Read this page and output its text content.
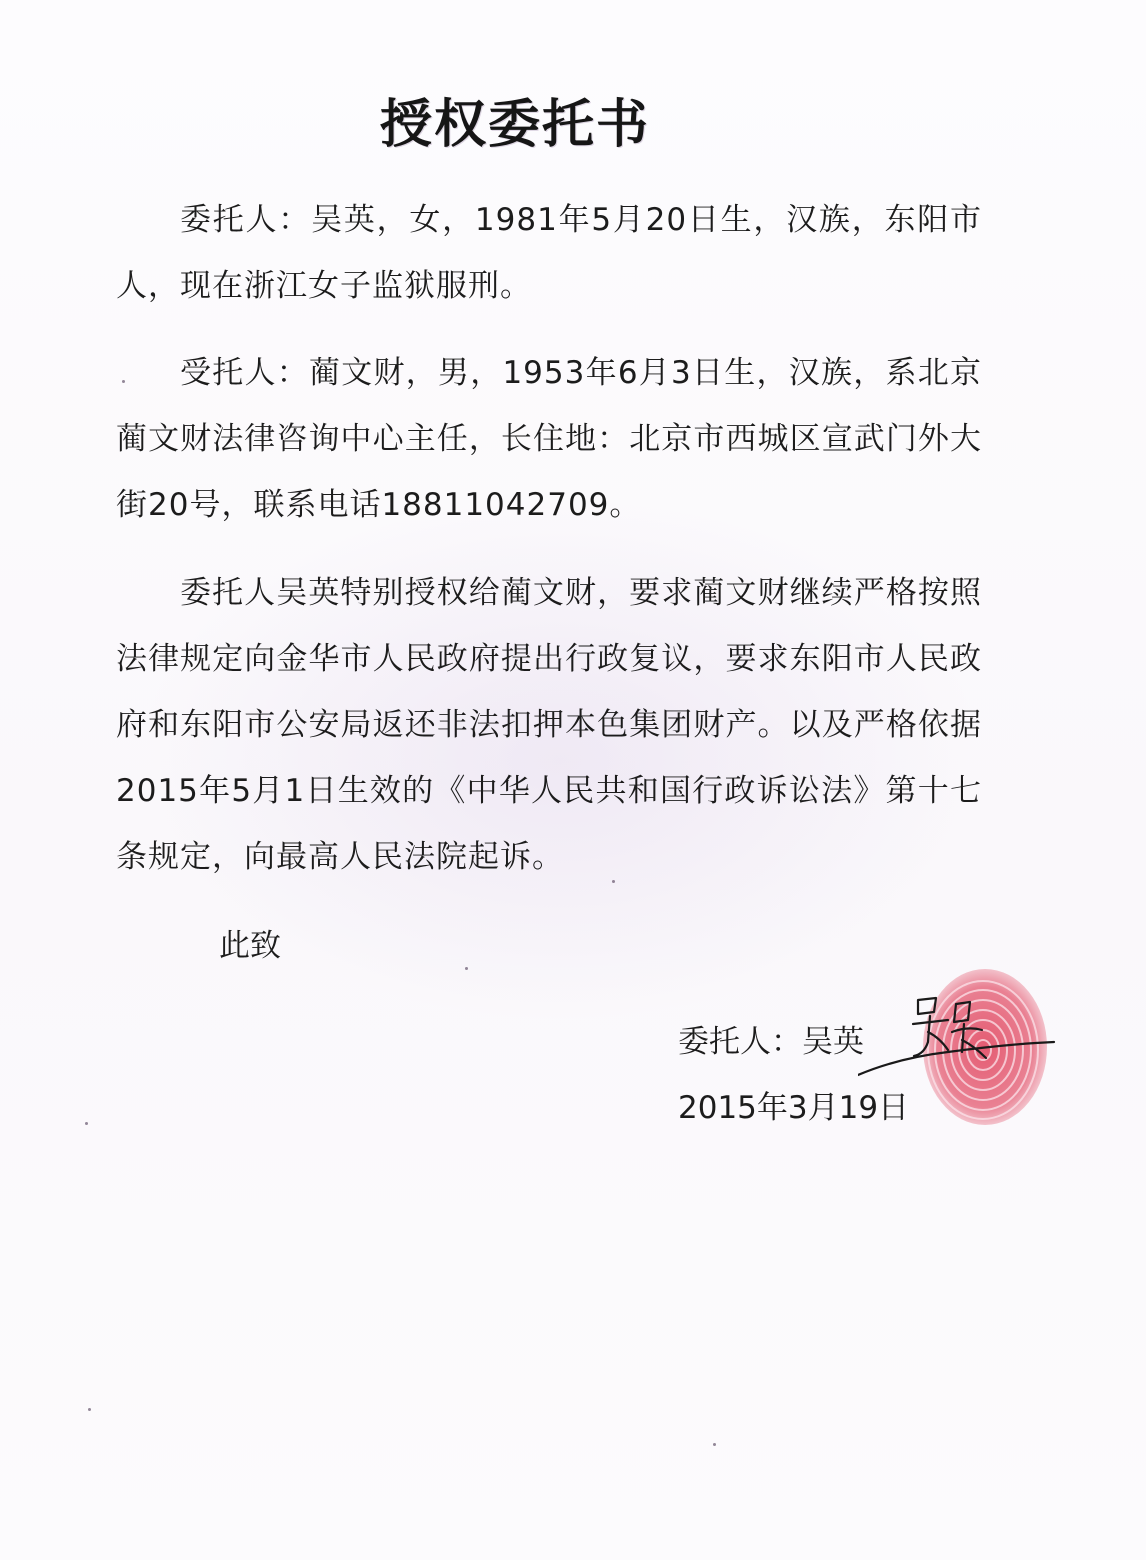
授权委托书

委托人：吴英，女，1981年5月20日生，汉族，东阳市人，现在浙江女子监狱服刑。

受托人：蔺文财，男，1953年6月3日生，汉族，系北京蔺文财法律咨询中心主任，长住地：北京市西城区宣武门外大街20号，联系电话18811042709。

委托人吴英特别授权给蔺文财，要求蔺文财继续严格按照法律规定向金华市人民政府提出行政复议，要求东阳市人民政府和东阳市公安局返还非法扣押本色集团财产。以及严格依据2015年5月1日生效的《中华人民共和国行政诉讼法》第十七条规定，向最高人民法院起诉。

此致

委托人：吴英

2015年3月19日
